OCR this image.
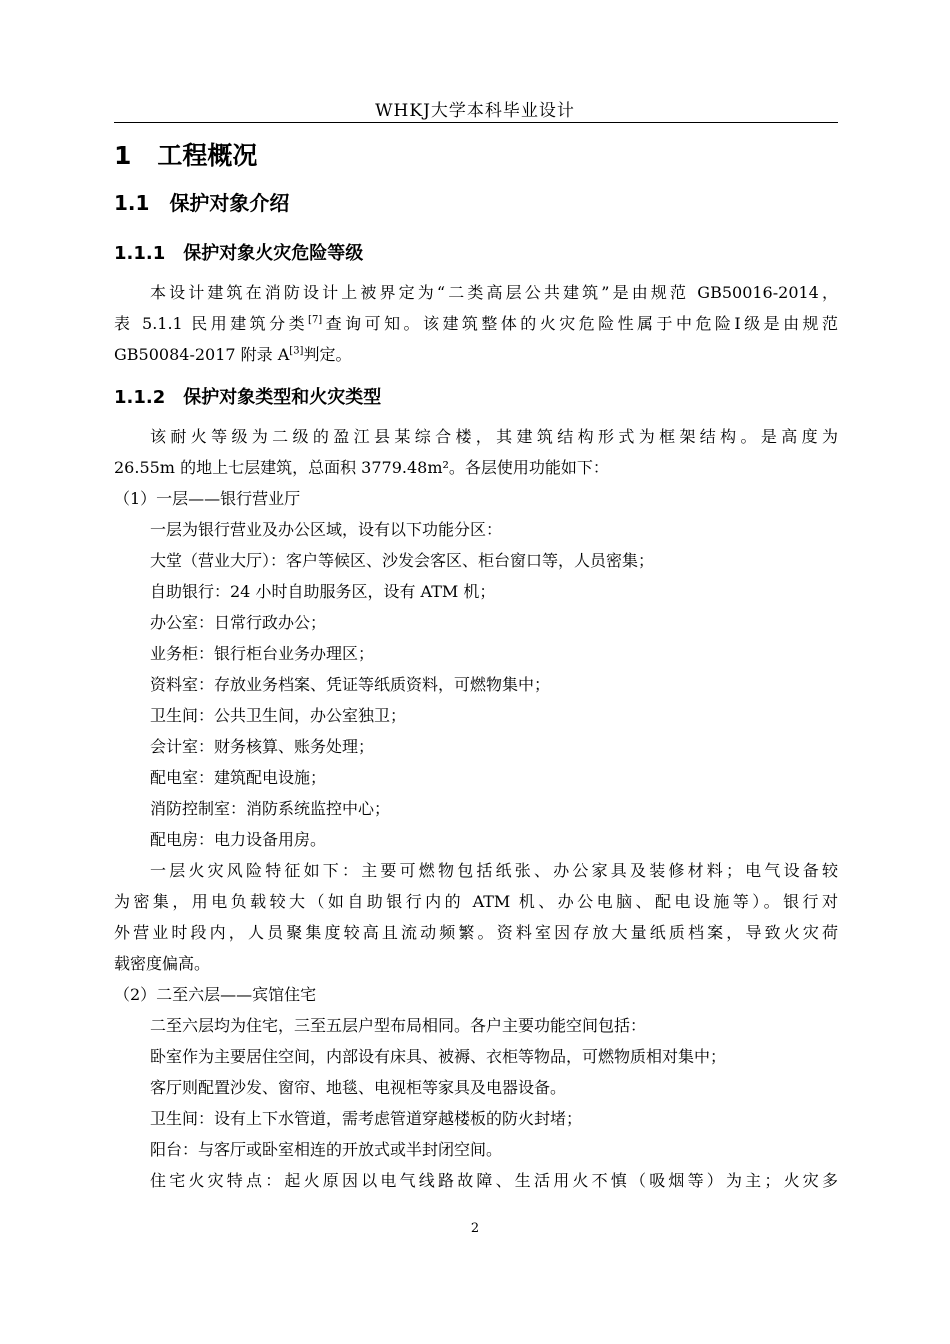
WHKJ大学本科毕业设计
1 工程概况
1.1 保护对象介绍
1.1.1 保护对象火灾危险等级
本设计建筑在消防设计上被界定为“二类高层公共建筑”是由规范 GB50016-2014，
表 5.1.1 民用建筑分类[7]查询可知。该建筑整体的火灾危险性属于中危险Ⅰ级是由规范
GB50084-2017 附录 A[3]判定。
1.1.2 保护对象类型和火灾类型
该耐火等级为二级的盈江县某综合楼，其建筑结构形式为框架结构。是高度为
26.55m 的地上七层建筑，总面积 3779.48m²。各层使用功能如下：
（1）一层——银行营业厅
一层为银行营业及办公区域，设有以下功能分区：
大堂（营业大厅）：客户等候区、沙发会客区、柜台窗口等，人员密集；
自助银行：24 小时自助服务区，设有 ATM 机；
办公室：日常行政办公；
业务柜：银行柜台业务办理区；
资料室：存放业务档案、凭证等纸质资料，可燃物集中；
卫生间：公共卫生间，办公室独卫；
会计室：财务核算、账务处理；
配电室：建筑配电设施；
消防控制室：消防系统监控中心；
配电房：电力设备用房。
一层火灾风险特征如下：主要可燃物包括纸张、办公家具及装修材料；电气设备较
为密集，用电负载较大（如自助银行内的 ATM 机、办公电脑、配电设施等）。银行对
外营业时段内，人员聚集度较高且流动频繁。资料室因存放大量纸质档案，导致火灾荷
载密度偏高。
（2）二至六层——宾馆住宅
二至六层均为住宅，三至五层户型布局相同。各户主要功能空间包括：
卧室作为主要居住空间，内部设有床具、被褥、衣柜等物品，可燃物质相对集中；
客厅则配置沙发、窗帘、地毯、电视柜等家具及电器设备。
卫生间：设有上下水管道，需考虑管道穿越楼板的防火封堵；
阳台：与客厅或卧室相连的开放式或半封闭空间。
住宅火灾特点：起火原因以电气线路故障、生活用火不慎（吸烟等）为主；火灾多
2
